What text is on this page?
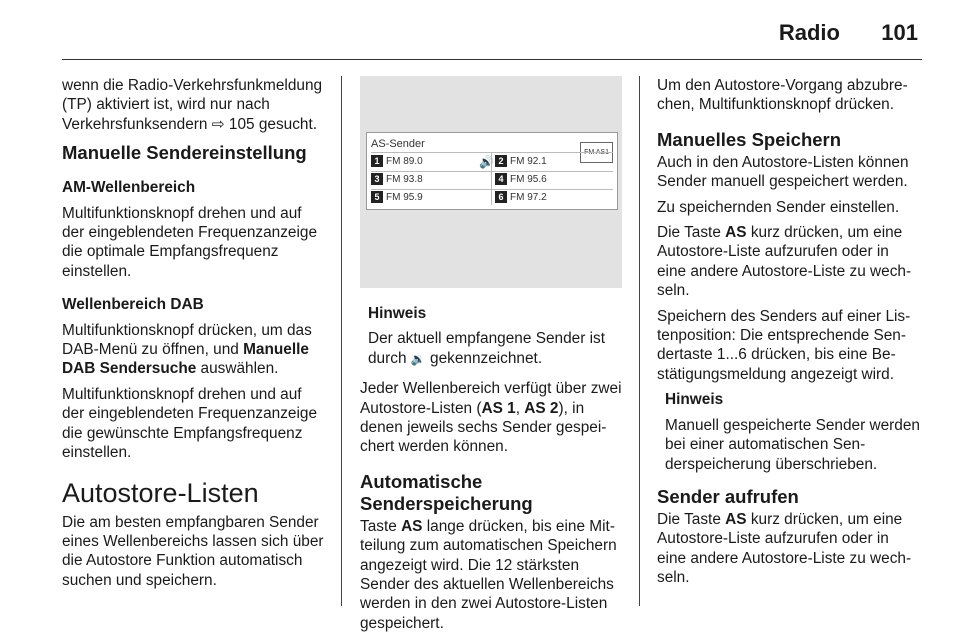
Radio 101

wenn die Radio-Verkehrsfunkmeldung (TP) aktiviert ist, wird nur nach Verkehrsfunksendern ⇨ 105 gesucht.

Manuelle Sendereinstellung

AM-Wellenbereich

Multifunktionsknopf drehen und auf der eingeblendeten Frequenzanzeige die optimale Empfangsfrequenz einstellen.

Wellenbereich DAB

Multifunktionsknopf drücken, um das DAB-Menü zu öffnen, und Manuelle DAB Sendersuche auswählen.

Multifunktionsknopf drehen und auf der eingeblendeten Frequenzanzeige die gewünschte Empfangsfrequenz einstellen.

Autostore-Listen

Die am besten empfangbaren Sender eines Wellenbereichs lassen sich über die Autostore Funktion automatisch suchen und speichern.

AS-Sender
1 FM 89.0	🔊 2 FM 92.1
3 FM 93.8	4 FM 95.6
5 FM 95.9	6 FM 97.2

Hinweis

Der aktuell empfangene Sender ist durch 🔉 gekennzeichnet.

Jeder Wellenbereich verfügt über zwei Autostore-Listen (AS 1, AS 2), in denen jeweils sechs Sender gespeichert werden können.

Automatische Senderspeicherung

Taste AS lange drücken, bis eine Mitteilung zum automatischen Speichern angezeigt wird. Die 12 stärksten Sender des aktuellen Wellenbereichs werden in den zwei Autostore-Listen gespeichert.

Um den Autostore-Vorgang abzubrechen, Multifunktionsknopf drücken.

Manuelles Speichern

Auch in den Autostore-Listen können Sender manuell gespeichert werden.

Zu speichernden Sender einstellen.

Die Taste AS kurz drücken, um eine Autostore-Liste aufzurufen oder in eine andere Autostore-Liste zu wechseln.

Speichern des Senders auf einer Listenposition: Die entsprechende Sendertaste 1...6 drücken, bis eine Bestätigungsmeldung angezeigt wird.

Hinweis

Manuell gespeicherte Sender werden bei einer automatischen Senderspeicherung überschrieben.

Sender aufrufen

Die Taste AS kurz drücken, um eine Autostore-Liste aufzurufen oder in eine andere Autostore-Liste zu wechseln.
